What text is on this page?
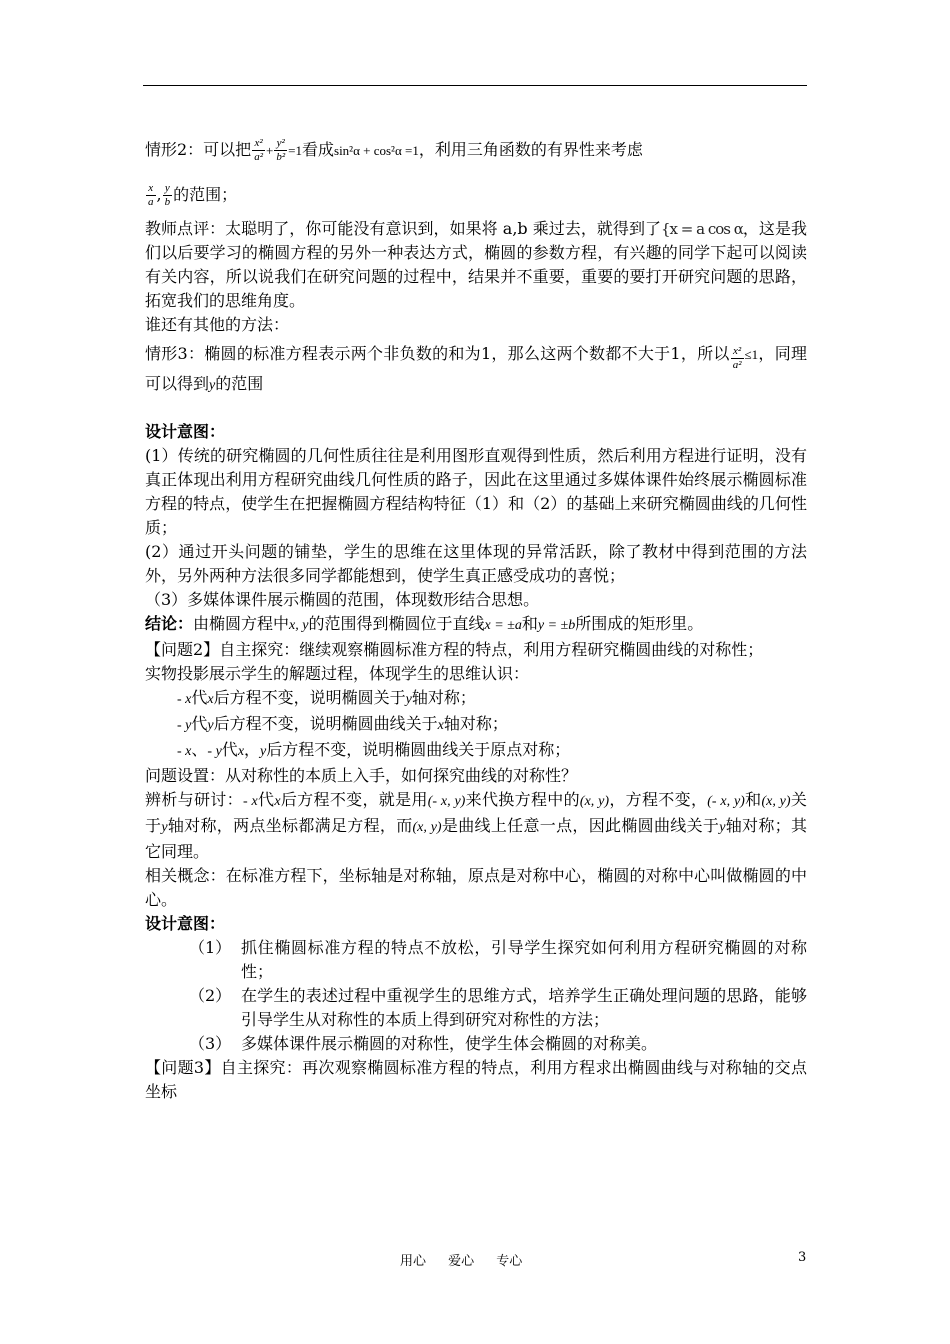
情形2：可以把 $\frac{\text{x²}}{\text{a²}} + \frac{\text{y²}}{\text{b²}} =1$看成sin²α + cos²α =1，利用三角函数的有界性来考虑

$\frac{x}{a}$ , $\frac{y}{b}$ 的范围；

教师点评：太聪明了，你可能没有意识到，如果将 a,b 乘过去，就得到了{x = a cos α，这是我们以后要学习的椭圆方程的另外一种表达方式，椭圆的参数方程，有兴趣的同学下起可以阅读有关内容，所以说我们在研究问题的过程中，结果并不重要，重要的要打开研究问题的思路，拓宽我们的思维角度。

谁还有其他的方法：

情形3：椭圆的标准方程表示两个非负数的和为1，那么这两个数都不大于1，所以 $\frac{\text{x²}}{\text{a²}} \le 1$，同理可以得到y的范围

设计意图：

(1）传统的研究椭圆的几何性质往往是利用图形直观得到性质，然后利用方程进行证明，没有真正体现出利用方程研究曲线几何性质的路子，因此在这里通过多媒体课件始终展示椭圆标准方程的特点，使学生在把握椭圆方程结构特征（1）和（2）的基础上来研究椭圆曲线的几何性质；

(2）通过开头问题的铺垫，学生的思维在这里体现的异常活跃，除了教材中得到范围的方法外，另外两种方法很多同学都能想到，使学生真正感受成功的喜悦；

（3）多媒体课件展示椭圆的范围，体现数形结合思想。

结论：由椭圆方程中x, y的范围得到椭圆位于直线x = ±a和y = ±b所围成的矩形里。

【问题2】自主探究：继续观察椭圆标准方程的特点，利用方程研究椭圆曲线的对称性；

实物投影展示学生的解题过程，体现学生的思维认识：

- x代x后方程不变，说明椭圆关于y轴对称；

- y代y后方程不变，说明椭圆曲线关于x轴对称；

- x、- y代x，y后方程不变，说明椭圆曲线关于原点对称；

问题设置：从对称性的本质上入手，如何探究曲线的对称性？

辨析与研讨：- x代x后方程不变，就是用(- x, y)来代换方程中的(x, y)，方程不变，(- x, y)和(x, y)关于y轴对称，两点坐标都满足方程，而(x, y)是曲线上任意一点，因此椭圆曲线关于y轴对称；其它同理。

相关概念：在标准方程下，坐标轴是对称轴，原点是对称中心，椭圆的对称中心叫做椭圆的中心。

设计意图：

（1） 抓住椭圆标准方程的特点不放松，引导学生探究如何利用方程研究椭圆的对称性；
（2） 在学生的表述过程中重视学生的思维方式，培养学生正确处理问题的思路，能够引导学生从对称性的本质上得到研究对称性的方法；
（3） 多媒体课件展示椭圆的对称性，使学生体会椭圆的对称美。

【问题3】自主探究：再次观察椭圆标准方程的特点，利用方程求出椭圆曲线与对称轴的交点坐标

用心 爱心 专心	3
